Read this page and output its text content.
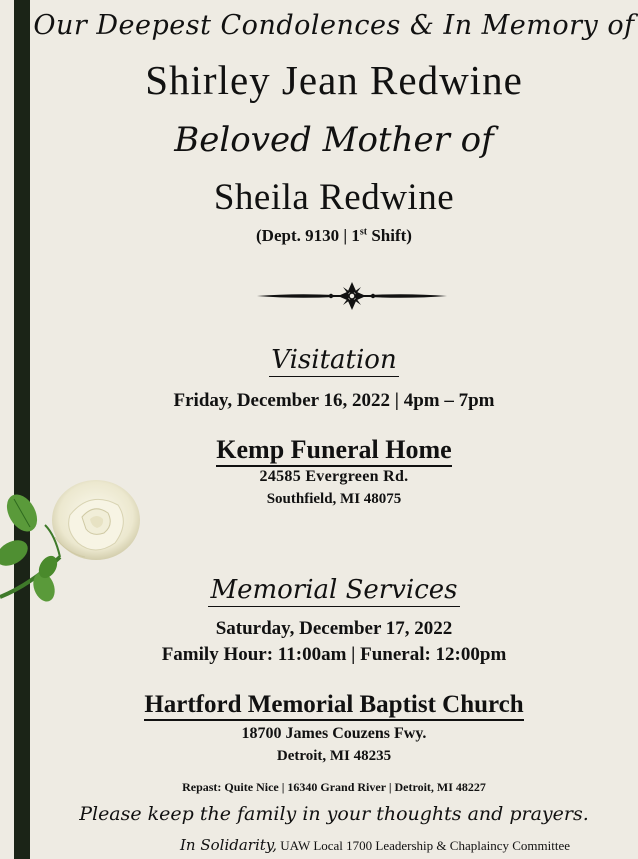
Our Deepest Condolences & In Memory of
Shirley Jean Redwine
Beloved Mother of
Sheila Redwine
(Dept. 9130 | 1st Shift)
Visitation
Friday, December 16, 2022 | 4pm – 7pm
Kemp Funeral Home
24585 Evergreen Rd.
Southfield, MI 48075
Memorial Services
Saturday, December 17, 2022
Family Hour: 11:00am | Funeral: 12:00pm
Hartford Memorial Baptist Church
18700 James Couzens Fwy.
Detroit, MI 48235
Repast: Quite Nice | 16340 Grand River | Detroit, MI 48227
Please keep the family in your thoughts and prayers.
In Solidarity, UAW Local 1700 Leadership & Chaplaincy Committee
